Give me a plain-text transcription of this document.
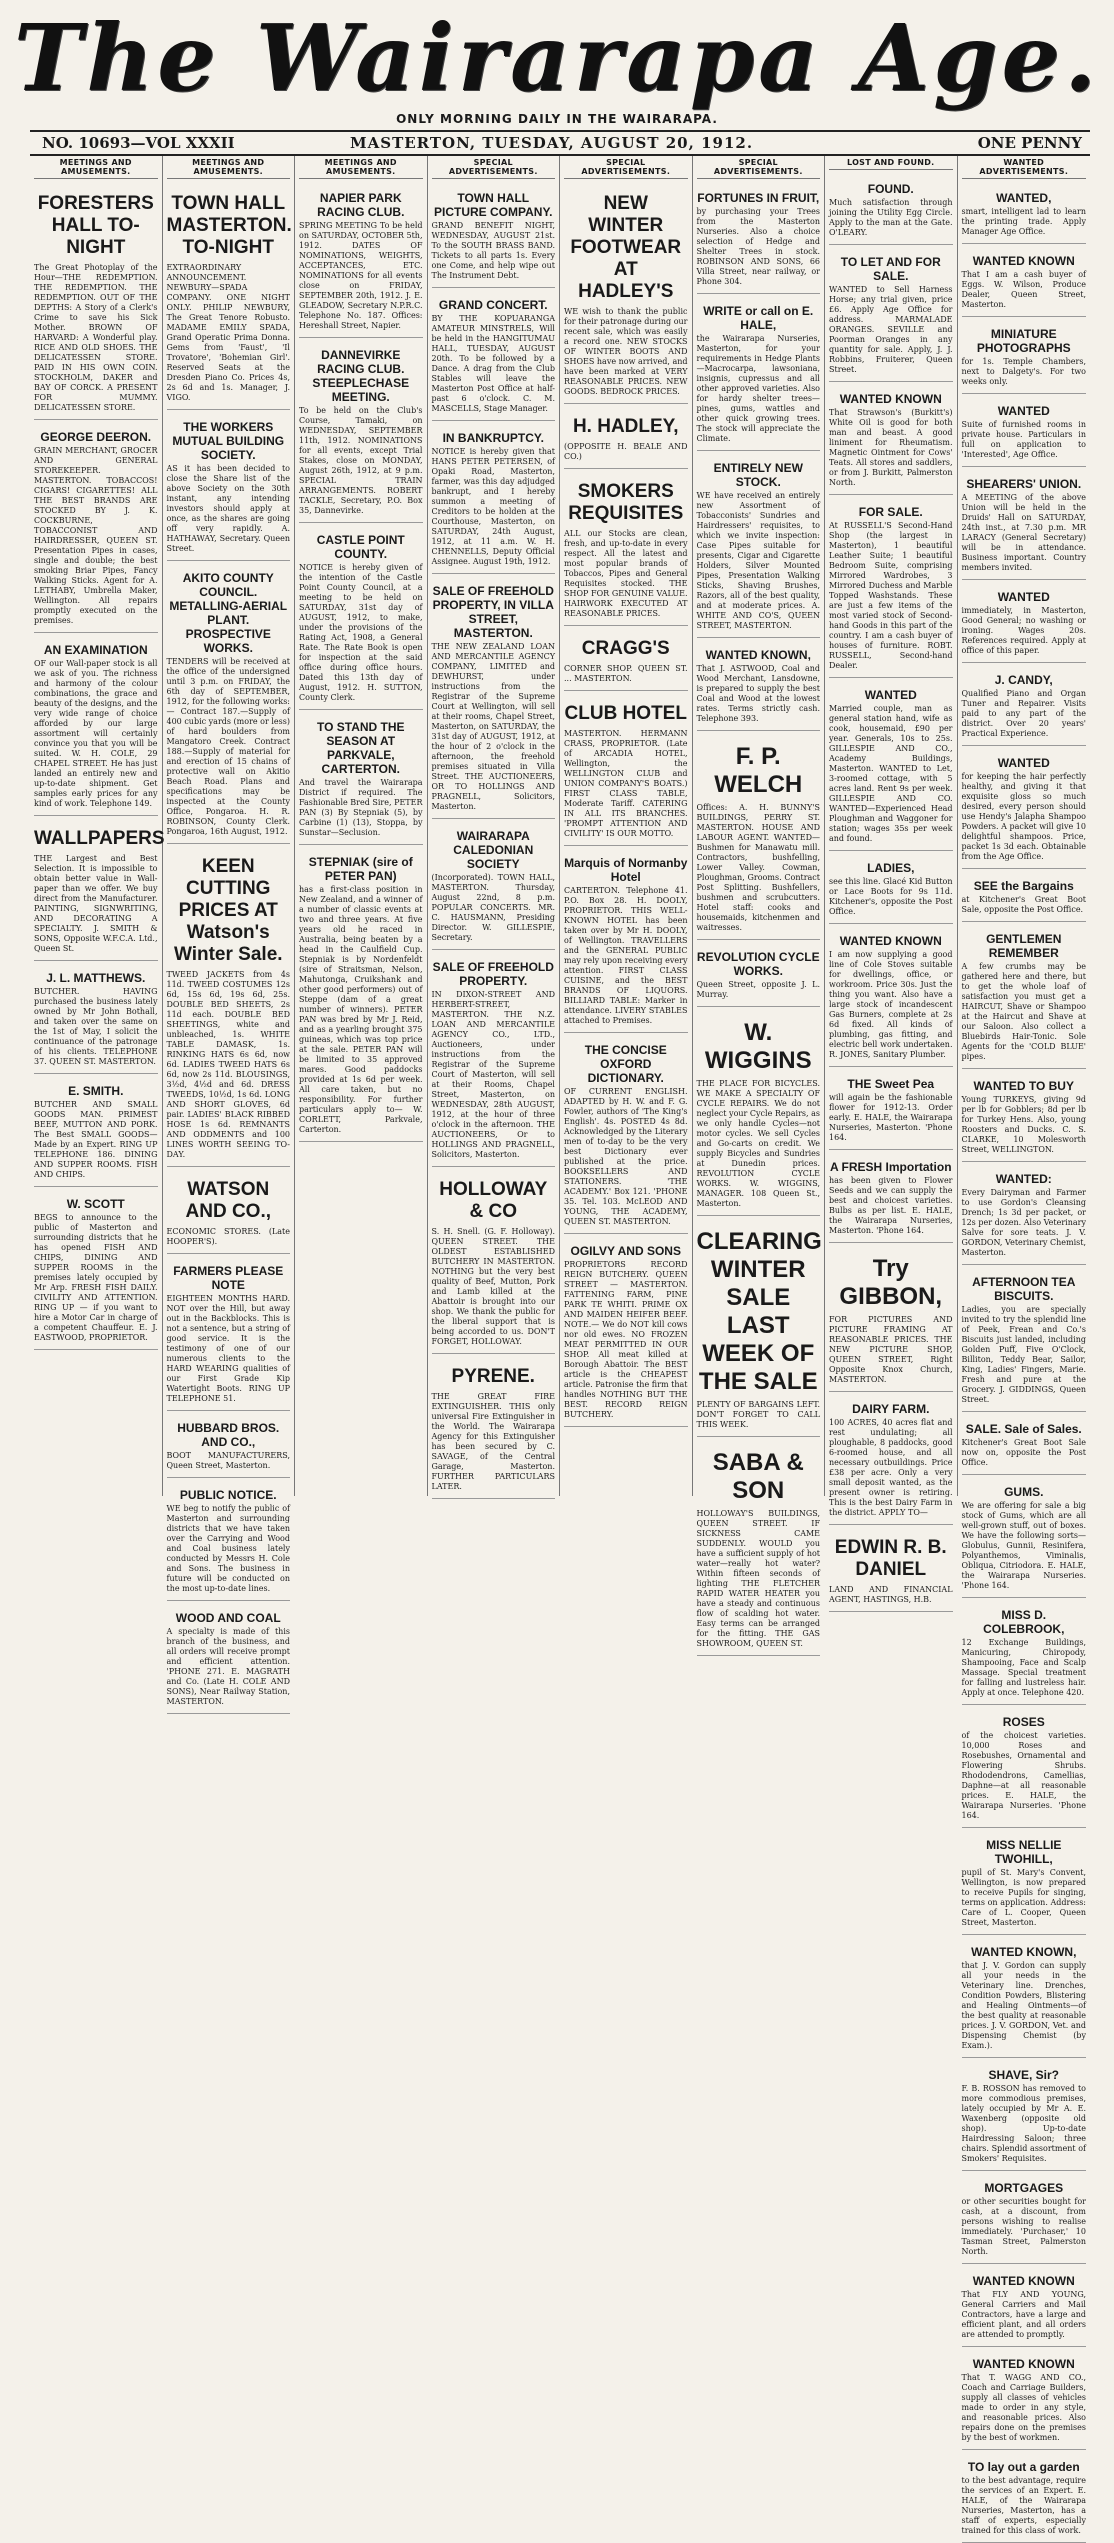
The Wairarapa Age.
ONLY MORNING DAILY IN THE WAIRARAPA.
NO. 10693—VOL XXXII	MASTERTON, TUESDAY, AUGUST 20, 1912.	ONE PENNY
MEETINGS AND AMUSEMENTS.
FORESTERS HALL TO-NIGHT
The Great Photoplay of the Hour—THE REDEMPTION. THE REDEMPTION. THE REDEMPTION. OUT OF THE DEPTHS: A Story of a Clerk's Crime to save his Sick Mother. BROWN OF HARVARD: A Wonderful play. RICE AND OLD SHOES. THE DELICATESSEN STORE. PAID IN HIS OWN COIN. STOCKHOLM, DAKER and BAY OF CORCK. A PRESENT FOR MUMMY. DELICATESSEN STORE.
GEORGE DEERON.
GRAIN MERCHANT, GROCER AND GENERAL STOREKEEPER. MASTERTON. TOBACCOS! CIGARS! CIGARETTES! ALL THE BEST BRANDS ARE STOCKED BY J. K. COCKBURNE, TOBACCONIST AND HAIRDRESSER, QUEEN ST. Presentation Pipes in cases, single and double; the best smoking Briar Pipes, Fancy Walking Sticks. Agent for A. LETHABY, Umbrella Maker, Wellington. All repairs promptly executed on the premises.
AN EXAMINATION
OF our Wall-paper stock is all we ask of you. The richness and harmony of the colour combinations, the grace and beauty of the designs, and the very wide range of choice afforded by our large assortment will certainly convince you that you will be suited. W. H. COLE, 29 CHAPEL STREET. He has just landed an entirely new and up-to-date shipment. Get samples early prices for any kind of work. Telephone 149.
WALLPAPERS
THE Largest and Best Selection. It is impossible to obtain better value in Wall-paper than we offer. We buy direct from the Manufacturer. PAINTING, SIGNWRITING, AND DECORATING A SPECIALTY. J. SMITH & SONS, Opposite W.F.C.A. Ltd., Queen St.
J. L. MATTHEWS.
BUTCHER. HAVING purchased the business lately owned by Mr John Bothall, and taken over the same on the 1st of May, I solicit the continuance of the patronage of his clients. TELEPHONE 37. QUEEN ST. MASTERTON.
E. SMITH.
BUTCHER AND SMALL GOODS MAN. PRIMEST BEEF, MUTTON AND PORK. The Best SMALL GOODS—Made by an Expert. RING UP TELEPHONE 186. DINING AND SUPPER ROOMS. FISH AND CHIPS.
W. SCOTT
BEGS to announce to the public of Masterton and surrounding districts that he has opened FISH AND CHIPS, DINING AND SUPPER ROOMS in the premises lately occupied by Mr Arp. FRESH FISH DAILY. CIVILITY AND ATTENTION. RING UP — if you want to hire a Motor Car in charge of a competent Chauffeur. E. J. EASTWOOD, PROPRIETOR.
MEETINGS AND AMUSEMENTS.
TOWN HALL MASTERTON. TO-NIGHT
EXTRAORDINARY ANNOUNCEMENT. NEWBURY—SPADA COMPANY. ONE NIGHT ONLY. PHILIP NEWBURY, The Great Tenore Robusto. MADAME EMILY SPADA, Grand Operatic Prima Donna. Gems from 'Faust', 'Il Trovatore', 'Bohemian Girl'. Reserved Seats at the Dresden Piano Co. Prices 4s, 2s 6d and 1s. Manager, J. VIGO.
THE WORKERS MUTUAL BUILDING SOCIETY.
AS it has been decided to close the Share list of the above Society on the 30th instant, any intending investors should apply at once, as the shares are going off very rapidly. A. HATHAWAY, Secretary. Queen Street.
AKITO COUNTY COUNCIL. METALLING-AERIAL PLANT. PROSPECTIVE WORKS.
TENDERS will be received at the office of the undersigned until 3 p.m. on FRIDAY, the 6th day of SEPTEMBER, 1912, for the following works:— Contract 187.—Supply of 400 cubic yards (more or less) of hard boulders from Mangatoro Creek. Contract 188.—Supply of material for and erection of 15 chains of protective wall on Akitio Beach Road. Plans and specifications may be inspected at the County Office, Pongaroa. H. R. ROBINSON, County Clerk. Pongaroa, 16th August, 1912.
KEEN CUTTING PRICES AT Watson's Winter Sale.
TWEED JACKETS from 4s 11d. TWEED COSTUMES 12s 6d, 15s 6d, 19s 6d, 25s. DOUBLE BED SHEETS, 2s 11d each. DOUBLE BED SHEETINGS, white and unbleached, 1s. WHITE TABLE DAMASK, 1s. RINKING HATS 6s 6d, now 6d. LADIES TWEED HATS 6s 6d, now 2s 11d. BLOUSINGS, 3½d, 4½d and 6d. DRESS TWEEDS, 10½d, 1s 6d. LONG AND SHORT GLOVES, 6d pair. LADIES' BLACK RIBBED HOSE 1s 6d. REMNANTS AND ODDMENTS and 100 LINES WORTH SEEING TO-DAY.
WATSON AND CO.,
ECONOMIC STORES. (Late HOOPER'S).
FARMERS PLEASE NOTE
EIGHTEEN MONTHS HARD. NOT over the Hill, but away out in the Backblocks. This is not a sentence, but a string of good service. It is the testimony of one of our numerous clients to the HARD WEARING qualities of our First Grade Kip Watertight Boots. RING UP TELEPHONE 51.
HUBBARD BROS. AND CO.,
BOOT MANUFACTURERS, Queen Street, Masterton.
PUBLIC NOTICE.
WE beg to notify the public of Masterton and surrounding districts that we have taken over the Carrying and Wood and Coal business lately conducted by Messrs H. Cole and Sons. The business in future will be conducted on the most up-to-date lines.
WOOD AND COAL
A specialty is made of this branch of the business, and all orders will receive prompt and efficient attention. 'PHONE 271. E. MAGRATH and Co. (Late H. COLE AND SONS), Near Railway Station, MASTERTON.
MEETINGS AND AMUSEMENTS.
NAPIER PARK RACING CLUB.
SPRING MEETING To be held on SATURDAY, OCTOBER 5th, 1912. DATES OF NOMINATIONS, WEIGHTS, ACCEPTANCES, ETC. NOMINATIONS for all events close on FRIDAY, SEPTEMBER 20th, 1912. J. E. GLEADOW, Secretary N.P.R.C. Telephone No. 187. Offices: Hereshall Street, Napier.
DANNEVIRKE RACING CLUB. STEEPLECHASE MEETING.
To be held on the Club's Course, Tamaki, on WEDNESDAY, SEPTEMBER 11th, 1912. NOMINATIONS for all events, except Trial Stakes, close on MONDAY, August 26th, 1912, at 9 p.m. SPECIAL TRAIN ARRANGEMENTS. ROBERT TACKLE, Secretary, P.O. Box 35, Dannevirke.
CASTLE POINT COUNTY.
NOTICE is hereby given of the intention of the Castle Point County Council, at a meeting to be held on SATURDAY, 31st day of AUGUST, 1912, to make, under the provisions of the Rating Act, 1908, a General Rate. The Rate Book is open for inspection at the said office during office hours. Dated this 13th day of August, 1912. H. SUTTON, County Clerk.
TO STAND THE SEASON AT PARKVALE, CARTERTON.
And travel the Wairarapa District if required. The Fashionable Bred Sire, PETER PAN (3) By Stepniak (5), by Carbine (1) (13), Stoppa, by Sunstar—Seclusion.
STEPNIAK (sire of PETER PAN)
has a first-class position in New Zealand, and a winner of a number of classic events at two and three years. At five years old he raced in Australia, being beaten by a head in the Caulfield Cup. Stepniak is by Nordenfeldt (sire of Straitsman, Nelson, Mahutonga, Cruikshank and other good performers) out of Steppe (dam of a great number of winners). PETER PAN was bred by Mr J. Reid, and as a yearling brought 375 guineas, which was top price at the sale. PETER PAN will be limited to 35 approved mares. Good paddocks provided at 1s 6d per week. All care taken, but no responsibility. For further particulars apply to— W. CORLETT, Parkvale, Carterton.
SPECIAL ADVERTISEMENTS.
TOWN HALL PICTURE COMPANY.
GRAND BENEFIT NIGHT, WEDNESDAY, AUGUST 21st. To the SOUTH BRASS BAND. Tickets to all parts 1s. Every one Come, and help wipe out The Instrument Debt.
GRAND CONCERT.
BY THE KOPUARANGA AMATEUR MINSTRELS, Will be held in the HANGITUMAU HALL, TUESDAY, AUGUST 20th. To be followed by a Dance. A drag from the Club Stables will leave the Masterton Post Office at half-past 6 o'clock. C. M. MASCELLS, Stage Manager.
IN BANKRUPTCY.
NOTICE is hereby given that HANS PETER PETERSEN, of Opaki Road, Masterton, farmer, was this day adjudged bankrupt, and I hereby summon a meeting of Creditors to be holden at the Courthouse, Masterton, on SATURDAY, 24th August, 1912, at 11 a.m. W. H. CHENNELLS, Deputy Official Assignee. August 19th, 1912.
SALE OF FREEHOLD PROPERTY, IN VILLA STREET, MASTERTON.
THE NEW ZEALAND LOAN AND MERCANTILE AGENCY COMPANY, LIMITED and DEWHURST, under instructions from the Registrar of the Supreme Court at Wellington, will sell at their rooms, Chapel Street, Masterton, on SATURDAY, the 31st day of AUGUST, 1912, at the hour of 2 o'clock in the afternoon, the freehold premises situated in Villa Street. THE AUCTIONEERS, OR TO HOLLINGS AND PRAGNELL, Solicitors, Masterton.
WAIRARAPA CALEDONIAN SOCIETY
(Incorporated). TOWN HALL, MASTERTON. Thursday, August 22nd, 8 p.m. POPULAR CONCERTS. MR. C. HAUSMANN, Presiding Director. W. GILLESPIE, Secretary.
SALE OF FREEHOLD PROPERTY.
IN DIXON-STREET AND HERBERT-STREET, MASTERTON. THE N.Z. LOAN AND MERCANTILE AGENCY CO., LTD., Auctioneers, under instructions from the Registrar of the Supreme Court of Masterton, will sell at their Rooms, Chapel Street, Masterton, on WEDNESDAY, 28th AUGUST, 1912, at the hour of three o'clock in the afternoon. THE AUCTIONEERS, Or to HOLLINGS AND PRAGNELL, Solicitors, Masterton.
HOLLOWAY & CO
S. H. Snell. (G. F. Holloway). QUEEN STREET. THE OLDEST ESTABLISHED BUTCHERY IN MASTERTON. NOTHING but the very best quality of Beef, Mutton, Pork and Lamb killed at the Abattoir is brought into our shop. We thank the public for the liberal support that is being accorded to us. DON'T FORGET, HOLLOWAY.
PYRENE.
THE GREAT FIRE EXTINGUISHER. THIS only universal Fire Extinguisher in the World. The Wairarapa Agency for this Extinguisher has been secured by C. SAVAGE, of the Central Garage, Masterton. FURTHER PARTICULARS LATER.
SPECIAL ADVERTISEMENTS.
NEW WINTER FOOTWEAR AT HADLEY'S
WE wish to thank the public for their patronage during our recent sale, which was easily a record one. NEW STOCKS OF WINTER BOOTS AND SHOES have now arrived, and have been marked at VERY REASONABLE PRICES. NEW GOODS. BEDROCK PRICES.
H. HADLEY,
(OPPOSITE H. BEALE AND CO.)
SMOKERS REQUISITES
ALL our Stocks are clean, fresh, and up-to-date in every respect. All the latest and most popular brands of Tobaccos, Pipes and General Requisites stocked. THE SHOP FOR GENUINE VALUE. HAIRWORK EXECUTED AT REASONABLE PRICES.
CRAGG'S
CORNER SHOP. QUEEN ST. ... MASTERTON.
CLUB HOTEL
MASTERTON. HERMANN CRASS, PROPRIETOR. (Late of ARCADIA HOTEL, Wellington, the WELLINGTON CLUB and UNION COMPANY'S BOATS.) FIRST CLASS TABLE, Moderate Tariff. CATERING IN ALL ITS BRANCHES. 'PROMPT ATTENTION AND CIVILITY' IS OUR MOTTO.
Marquis of Normanby Hotel
CARTERTON. Telephone 41. P.O. Box 28. H. DOOLY, PROPRIETOR. THIS WELL-KNOWN HOTEL has been taken over by Mr H. DOOLY, of Wellington. TRAVELLERS and the GENERAL PUBLIC may rely upon receiving every attention. FIRST CLASS CUISINE, and the BEST BRANDS OF LIQUORS. BILLIARD TABLE: Marker in attendance. LIVERY STABLES attached to Premises.
THE CONCISE OXFORD DICTIONARY.
OF CURRENT ENGLISH. ADAPTED by H. W. and F. G. Fowler, authors of 'The King's English'. 4s. POSTED 4s 8d. Acknowledged by the Literary men of to-day to be the very best Dictionary ever published at the price. BOOKSELLERS AND STATIONERS. 'THE ACADEMY.' Box 121. 'PHONE 35. Tel. 103. McLEOD AND YOUNG, THE ACADEMY, QUEEN ST. MASTERTON.
OGILVY AND SONS
PROPRIETORS RECORD REIGN BUTCHERY. QUEEN STREET — MASTERTON. FATTENING FARM, PINE PARK TE WHITI. PRIME OX AND MAIDEN HEIFER BEEF. NOTE.— We do NOT kill cows nor old ewes. NO FROZEN MEAT PERMITTED IN OUR SHOP. All meat killed at Borough Abattoir. The BEST article is the CHEAPEST article. Patronise the firm that handles NOTHING BUT THE BEST. RECORD REIGN BUTCHERY.
SPECIAL ADVERTISEMENTS.
FORTUNES IN FRUIT,
by purchasing your Trees from the Masterton Nurseries. Also a choice selection of Hedge and Shelter Trees in stock. ROBINSON AND SONS, 66 Villa Street, near railway, or Phone 304.
WRITE or call on E. HALE,
the Wairarapa Nurseries, Masterton, for your requirements in Hedge Plants—Macrocarpa, lawsoniana, insignis, cupressus and all other approved varieties. Also for hardy shelter trees—pines, gums, wattles and other quick growing trees. The stock will appreciate the Climate.
ENTIRELY NEW STOCK.
WE have received an entirely new Assortment of Tobacconists' Sundries and Hairdressers' requisites, to which we invite inspection: Case Pipes suitable for presents, Cigar and Cigarette Holders, Silver Mounted Pipes, Presentation Walking Sticks, Shaving Brushes, Razors, all of the best quality, and at moderate prices. A. WHITE AND CO'S, QUEEN STREET, MASTERTON.
WANTED KNOWN,
That J. ASTWOOD, Coal and Wood Merchant, Lansdowne, is prepared to supply the best Coal and Wood at the lowest rates. Terms strictly cash. Telephone 393.
F. P. WELCH
Offices: A. H. BUNNY'S BUILDINGS, PERRY ST. MASTERTON. HOUSE AND LABOUR AGENT. WANTED— Bushmen for Manawatu mill. Contractors, bushfelling, Lower Valley. Cowman, Ploughman, Grooms. Contract Post Splitting. Bushfellers, bushmen and scrubcutters. Hotel staff: cooks and housemaids, kitchenmen and waitresses.
REVOLUTION CYCLE WORKS.
Queen Street, opposite J. L. Murray.
W. WIGGINS
THE PLACE FOR BICYCLES. WE MAKE A SPECIALTY OF CYCLE REPAIRS. We do not neglect your Cycle Repairs, as we only handle Cycles—not motor cycles. We sell Cycles and Go-carts on credit. We supply Bicycles and Sundries at Dunedin prices. REVOLUTION CYCLE WORKS. W. WIGGINS, MANAGER. 108 Queen St., Masterton.
CLEARING WINTER SALE LAST WEEK OF THE SALE
PLENTY OF BARGAINS LEFT. DON'T FORGET TO CALL THIS WEEK.
SABA & SON
HOLLOWAY'S BUILDINGS, QUEEN STREET. IF SICKNESS CAME SUDDENLY. WOULD you have a sufficient supply of hot water—really hot water? Within fifteen seconds of lighting THE FLETCHER RAPID WATER HEATER you have a steady and continuous flow of scalding hot water. Easy terms can be arranged for the fitting. THE GAS SHOWROOM, QUEEN ST.
LOST AND FOUND.
FOUND.
Much satisfaction through joining the Utility Egg Circle. Apply to the man at the Gate. O'LEARY.
TO LET AND FOR SALE.
WANTED to Sell Harness Horse; any trial given, price £6. Apply Age Office for address. MARMALADE ORANGES. SEVILLE and Poorman Oranges in any quantity for sale. Apply, J. J. Robbins, Fruiterer, Queen Street.
WANTED KNOWN
That Strawson's (Burkitt's) White Oil is good for both man and beast. A good liniment for Rheumatism. Magnetic Ointment for Cows' Teats. All stores and saddlers, or from J. Burkitt, Palmerston North.
FOR SALE.
At RUSSELL'S Second-Hand Shop (the largest in Masterton), 1 beautiful Leather Suite; 1 beautiful Bedroom Suite, comprising Mirrored Wardrobes, 3 Mirrored Duchess and Marble Topped Washstands. These are just a few items of the most varied stock of Second-hand Goods in this part of the country. I am a cash buyer of houses of furniture. ROBT. RUSSELL, Second-hand Dealer.
WANTED
Married couple, man as general station hand, wife as cook, housemaid, £90 per year. Generals, 10s to 25s. GILLESPIE AND CO., Academy Buildings, Masterton. WANTED to Let, 3-roomed cottage, with 5 acres land. Rent 9s per week. GILLESPIE AND CO. WANTED—Experienced Head Ploughman and Waggoner for station; wages 35s per week and found.
LADIES,
see this line. Glacé Kid Button or Lace Boots for 9s 11d. Kitchener's, opposite the Post Office.
WANTED KNOWN
I am now supplying a good line of Cole Stoves suitable for dwellings, office, or workroom. Price 30s. Just the thing you want. Also have a large stock of incandescent Gas Burners, complete at 2s 6d fixed. All kinds of plumbing, gas fitting, and electric bell work undertaken. R. JONES, Sanitary Plumber.
THE Sweet Pea
will again be the fashionable flower for 1912-13. Order early. E. HALE, the Wairarapa Nurseries, Masterton. 'Phone 164.
A FRESH Importation
has been given to Flower Seeds and we can supply the best and choicest varieties. Bulbs as per list. E. HALE, the Wairarapa Nurseries, Masterton. 'Phone 164.
Try GIBBON,
FOR PICTURES AND PICTURE FRAMING AT REASONABLE PRICES. THE NEW PICTURE SHOP, QUEEN STREET, Right Opposite Knox Church, MASTERTON.
DAIRY FARM.
100 ACRES, 40 acres flat and rest undulating; all ploughable, 8 paddocks, good 6-roomed house, and all necessary outbuildings. Price £38 per acre. Only a very small deposit wanted, as the present owner is retiring. This is the best Dairy Farm in the district. APPLY TO—
EDWIN R. B. DANIEL
LAND AND FINANCIAL AGENT, HASTINGS, H.B.
WANTED ADVERTISEMENTS.
WANTED,
smart, intelligent lad to learn the printing trade. Apply Manager Age Office.
WANTED KNOWN
That I am a cash buyer of Eggs. W. Wilson, Produce Dealer, Queen Street, Masterton.
MINIATURE PHOTOGRAPHS
for 1s. Temple Chambers, next to Dalgety's. For two weeks only.
WANTED
Suite of furnished rooms in private house. Particulars in full on application to 'Interested', Age Office.
SHEARERS' UNION.
A MEETING of the above Union will be held in the Druids' Hall on SATURDAY, 24th inst., at 7.30 p.m. MR LARACY (General Secretary) will be in attendance. Business important. Country members invited.
WANTED
immediately, in Masterton, Good General; no washing or ironing. Wages 20s. References required. Apply at office of this paper.
J. CANDY,
Qualified Piano and Organ Tuner and Repairer. Visits paid to any part of the district. Over 20 years' Practical Experience.
WANTED
for keeping the hair perfectly healthy, and giving it that exquisite gloss so much desired, every person should use Hendy's Jalapha Shampoo Powders. A packet will give 10 delightful shampoos. Price, packet 1s 3d each. Obtainable from the Age Office.
SEE the Bargains
at Kitchener's Great Boot Sale, opposite the Post Office.
GENTLEMEN REMEMBER
A few crumbs may be gathered here and there, but to get the whole loaf of satisfaction you must get a HAIRCUT, Shave or Shampoo at the Haircut and Shave at our Saloon. Also collect a Bluebirds Hair-Tonic. Sole Agents for the 'COLD BLUE' pipes.
WANTED TO BUY
Young TURKEYS, giving 9d per lb for Gobblers; 8d per lb for Turkey Hens. Also, young Roosters and Ducks. C. S. CLARKE, 10 Molesworth Street, WELLINGTON.
WANTED:
Every Dairyman and Farmer to use Gordon's Cleansing Drench; 1s 3d per packet, or 12s per dozen. Also Veterinary Salve for sore teats. J. V. GORDON, Veterinary Chemist, Masterton.
AFTERNOON TEA BISCUITS.
Ladies, you are specially invited to try the splendid line of Peek, Frean and Co.'s Biscuits just landed, including Golden Puff, Five O'Clock, Billiton, Teddy Bear, Sailor, King, Ladies' Fingers, Marie. Fresh and pure at the Grocery. J. GIDDINGS, Queen Street.
SALE. Sale of Sales.
Kitchener's Great Boot Sale now on, opposite the Post Office.
GUMS.
We are offering for sale a big stock of Gums, which are all well-grown stuff, out of boxes. We have the following sorts—Globulus, Gunnii, Resinifera, Polyanthemos, Viminalis, Obliqua, Citriodora. E. HALE, the Wairarapa Nurseries. 'Phone 164.
MISS D. COLEBROOK,
12 Exchange Buildings, Manicuring, Chiropody, Shampooing, Face and Scalp Massage. Special treatment for falling and lustreless hair. Apply at once. Telephone 420.
ROSES
of the choicest varieties. 10,000 Roses and Rosebushes, Ornamental and Flowering Shrubs. Rhododendrons, Camellias, Daphne—at all reasonable prices. E. HALE, the Wairarapa Nurseries. 'Phone 164.
MISS NELLIE TWOHILL,
pupil of St. Mary's Convent, Wellington, is now prepared to receive Pupils for singing, terms on application. Address: Care of L. Cooper, Queen Street, Masterton.
WANTED KNOWN,
that J. V. Gordon can supply all your needs in the Veterinary line. Drenches, Condition Powders, Blistering and Healing Ointments—of the best quality at reasonable prices. J. V. GORDON, Vet. and Dispensing Chemist (by Exam.).
SHAVE, Sir?
F. B. ROSSON has removed to more commodious premises, lately occupied by Mr A. E. Waxenberg (opposite old shop). Up-to-date Hairdressing Saloon; three chairs. Splendid assortment of Smokers' Requisites.
MORTGAGES
or other securities bought for cash, at a discount, from persons wishing to realise immediately. 'Purchaser,' 10 Tasman Street, Palmerston North.
WANTED KNOWN
That FLY AND YOUNG, General Carriers and Mail Contractors, have a large and efficient plant, and all orders are attended to promptly.
WANTED KNOWN
That T. WAGG AND CO., Coach and Carriage Builders, supply all classes of vehicles made to order in any style, and reasonable prices. Also repairs done on the premises by the best of workmen.
TO lay out a garden
to the best advantage, require the services of an Expert. E. HALE, of the Wairarapa Nurseries, Masterton, has a staff of experts, especially trained for this class of work.
